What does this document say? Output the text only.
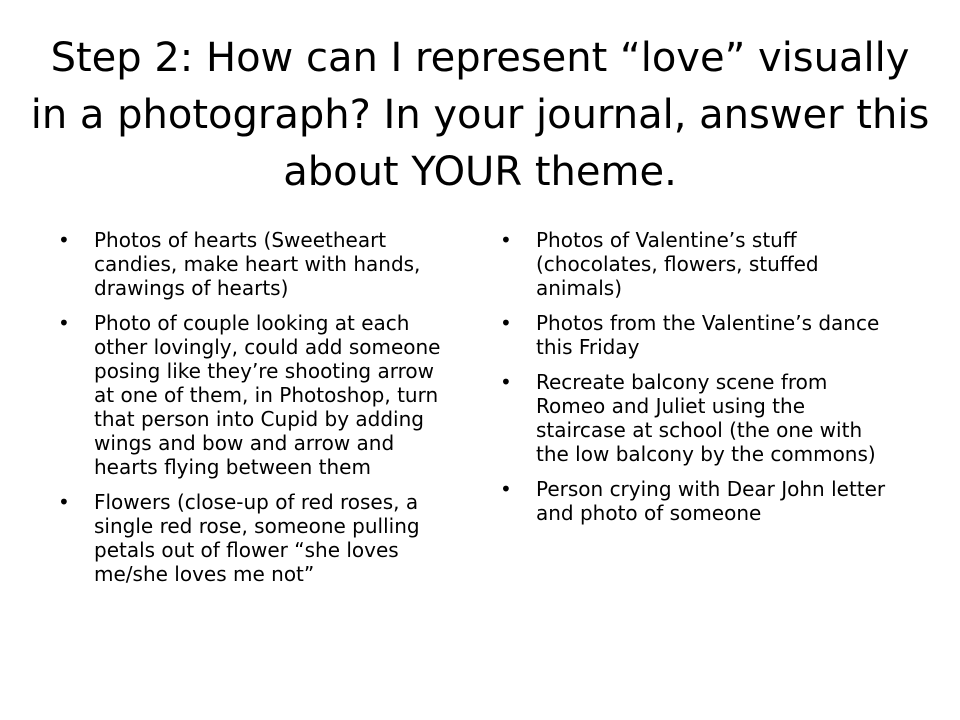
Step 2: How can I represent “love” visually in a photograph? In your journal, answer this about YOUR theme.
•	Photos of hearts (Sweetheart candies, make heart with hands, drawings of hearts)
•	Photo of couple looking at each other lovingly, could add someone posing like they’re shooting arrow at one of them, in Photoshop, turn that person into Cupid by adding wings and bow and arrow and hearts flying between them
•	Flowers (close-up of red roses, a single red rose, someone pulling petals out of flower “she loves me/she loves me not”
•	Photos of Valentine’s stuff (chocolates, flowers, stuffed animals)
•	Photos from the Valentine’s dance this Friday
•	Recreate balcony scene from Romeo and Juliet using the staircase at school (the one with the low balcony by the commons)
•	Person crying with Dear John letter and photo of someone
